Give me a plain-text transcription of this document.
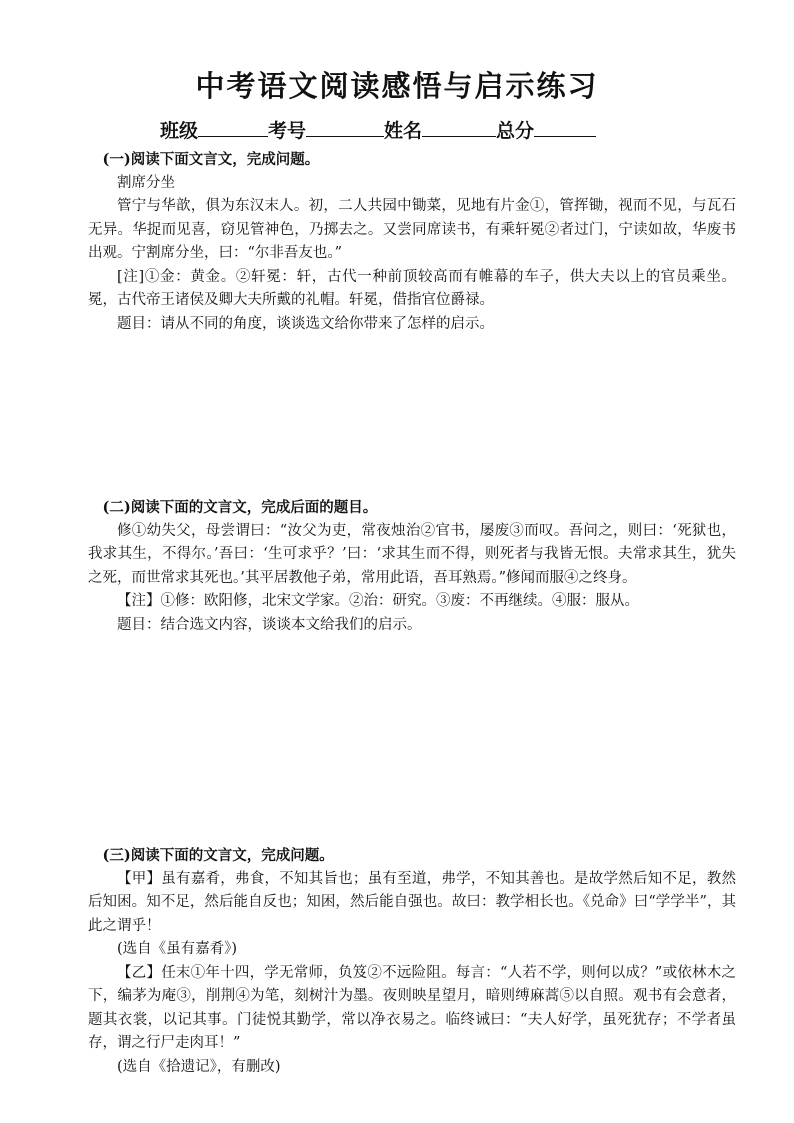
中考语文阅读感悟与启示练习
班级	考号	姓名	总分

(一)阅读下面文言文，完成问题。

割席分坐

管宁与华歆，俱为东汉末人。初，二人共园中锄菜，见地有片金①，管挥锄，视而不见，与瓦石无异。华捉而见喜，窃见管神色，乃掷去之。又尝同席读书，有乘轩冕②者过门，宁读如故，华废书出观。宁割席分坐，曰：“尔非吾友也。”

[注]①金：黄金。②轩冕：轩，古代一种前顶较高而有帷幕的车子，供大夫以上的官员乘坐。冕，古代帝王诸侯及卿大夫所戴的礼帽。轩冕，借指官位爵禄。

题目：请从不同的角度，谈谈选文给你带来了怎样的启示。

(二)阅读下面的文言文，完成后面的题目。

修①幼失父，母尝谓曰：“汝父为吏，常夜烛治②官书，屡废③而叹。吾问之，则曰：‘死狱也，我求其生，不得尔。’吾曰：‘生可求乎？’曰：‘求其生而不得，则死者与我皆无恨。夫常求其生，犹失之死，而世常求其死也。’其平居教他子弟，常用此语，吾耳熟焉。”修闻而服④之终身。

【注】①修：欧阳修，北宋文学家。②治：研究。③废：不再继续。④服：服从。

题目：结合选文内容，谈谈本文给我们的启示。

(三)阅读下面的文言文，完成问题。

【甲】虽有嘉肴，弗食，不知其旨也；虽有至道，弗学，不知其善也。是故学然后知不足，教然后知困。知不足，然后能自反也；知困，然后能自强也。故曰：教学相长也。《兑命》曰“学学半”，其此之谓乎！

(选自《虽有嘉肴》)

【乙】任末①年十四，学无常师，负笈②不远险阻。每言：“人若不学，则何以成？”或依林木之下，编茅为庵③，削荆④为笔，刻树汁为墨。夜则映星望月，暗则缚麻蒿⑤以自照。观书有会意者，题其衣裳，以记其事。门徒悦其勤学，常以净衣易之。临终诫曰：“夫人好学，虽死犹存；不学者虽存，谓之行尸走肉耳！”

(选自《拾遗记》，有删改)
